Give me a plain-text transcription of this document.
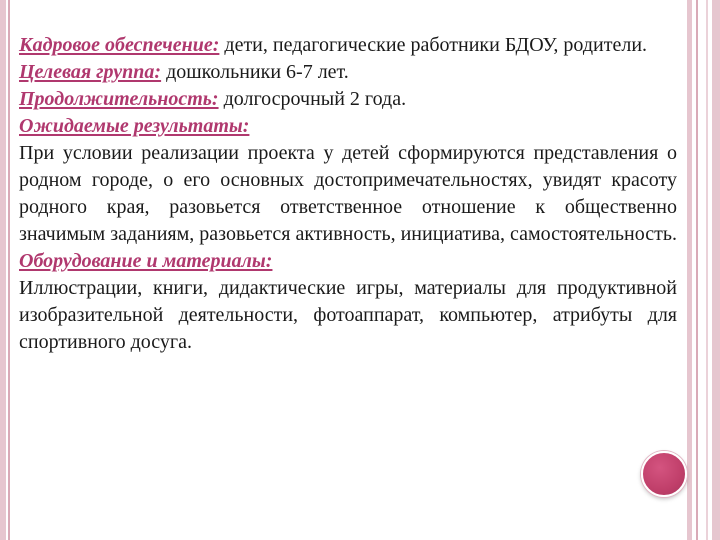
Кадровое обеспечение: дети, педагогические работники БДОУ, родители.

Целевая группа: дошкольники 6-7 лет.

Продолжительность: долгосрочный 2 года.

Ожидаемые результаты:

При условии реализации проекта у детей сформируются представления о родном городе, о его основных достопримечательностях, увидят красоту родного края, разовьется ответственное отношение к общественно значимым заданиям, разовьется активность, инициатива, самостоятельность.

Оборудование и материалы:

Иллюстрации, книги, дидактические игры, материалы для продуктивной изобразительной деятельности, фотоаппарат, компьютер, атрибуты для спортивного досуга.
